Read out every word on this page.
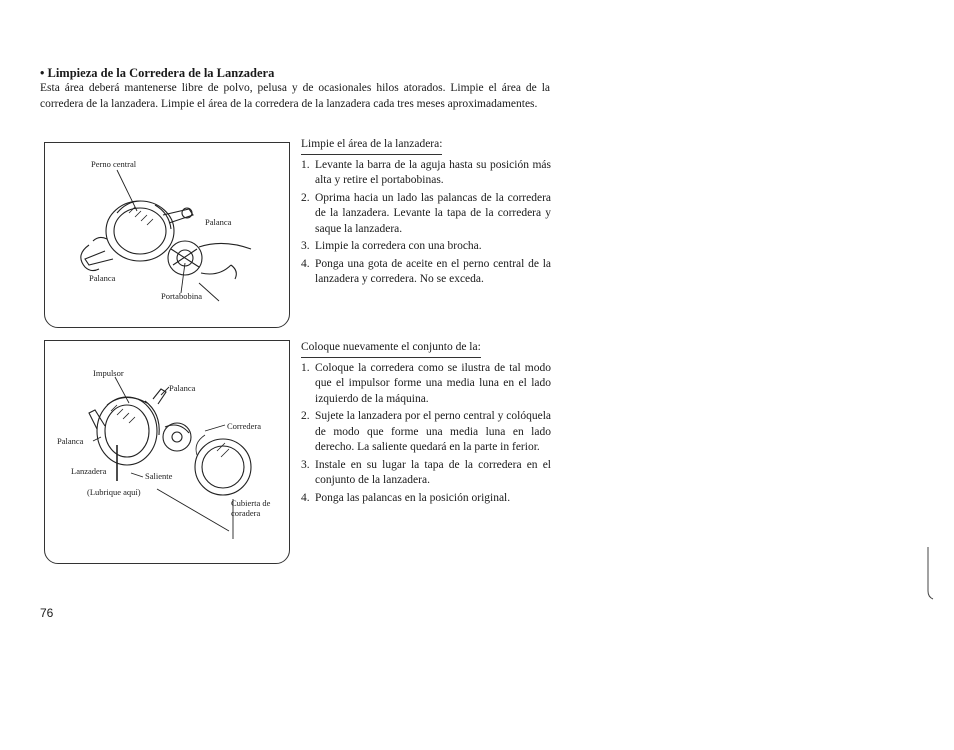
• Limpieza de la Corredera de la Lanzadera

Esta área deberá mantenerse libre de polvo, pelusa y de ocasionales hilos atorados. Limpie el área de la corredera de la lanzadera. Limpie el área de la corredera de la lanzadera cada tres meses aproximadamentes.

Perno central
Palanca
Palanca
Portabobina
Impulsor
Palanca
Corredera
Palanca
Lanzadera	Saliente
(Lubrique aquí)
Cubierta de
coradera
Limpie el área de la lanzadera:
1. Levante la barra de la aguja hasta su posición más alta y retire el portabobinas.
2. Oprima hacia un lado las palancas de la corredera de la lanzadera. Levante la tapa de la corredera y saque la lanzadera.
3. Limpie la corredera con una brocha.
4. Ponga una gota de aceite en el perno central de la lanzadera y corredera. No se exceda.
Coloque nuevamente el conjunto de la:
1. Coloque la corredera como se ilustra de tal modo que el impulsor forme una media luna en el lado izquierdo de la máquina.
2. Sujete la lanzadera por el perno central y colóquela de modo que forme una media luna en lado derecho. La saliente quedará en la parte in ferior.
3. Instale en su lugar la tapa de la corredera en el conjunto de la lanzadera.
4. Ponga las palancas en la posición original.
76
